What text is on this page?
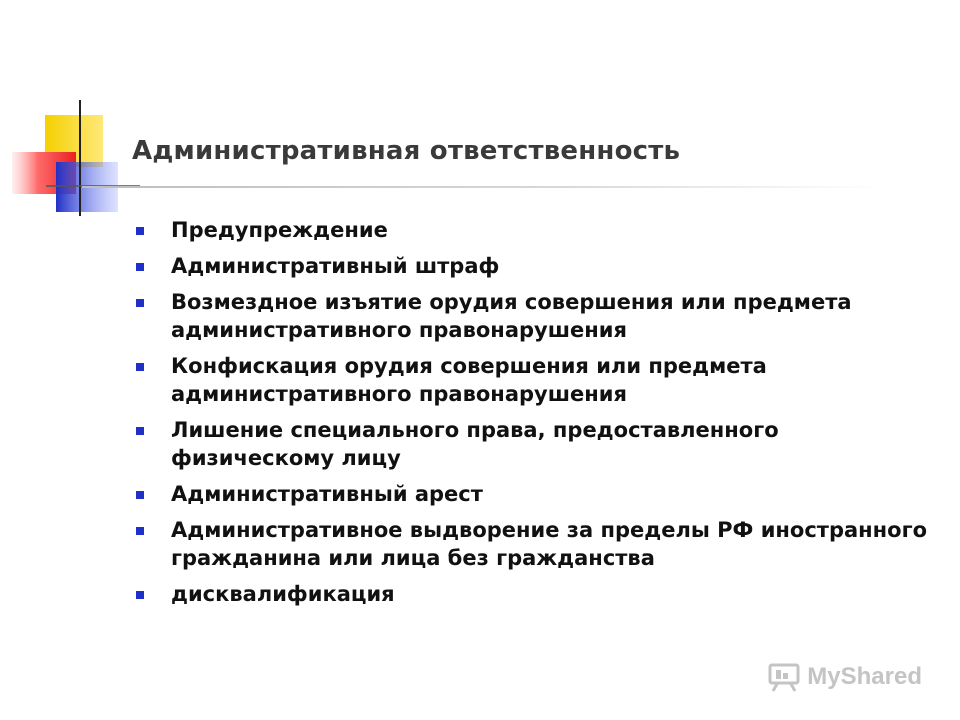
Административная ответственность
Предупреждение
Административный штраф
Возмездное изъятие орудия совершения или предмета административного правонарушения
Конфискация орудия совершения или предмета административного правонарушения
Лишение специального права, предоставленного физическому лицу
Административный арест
Административное выдворение за пределы РФ иностранного гражданина или лица без гражданства
дисквалификация
MyShared
